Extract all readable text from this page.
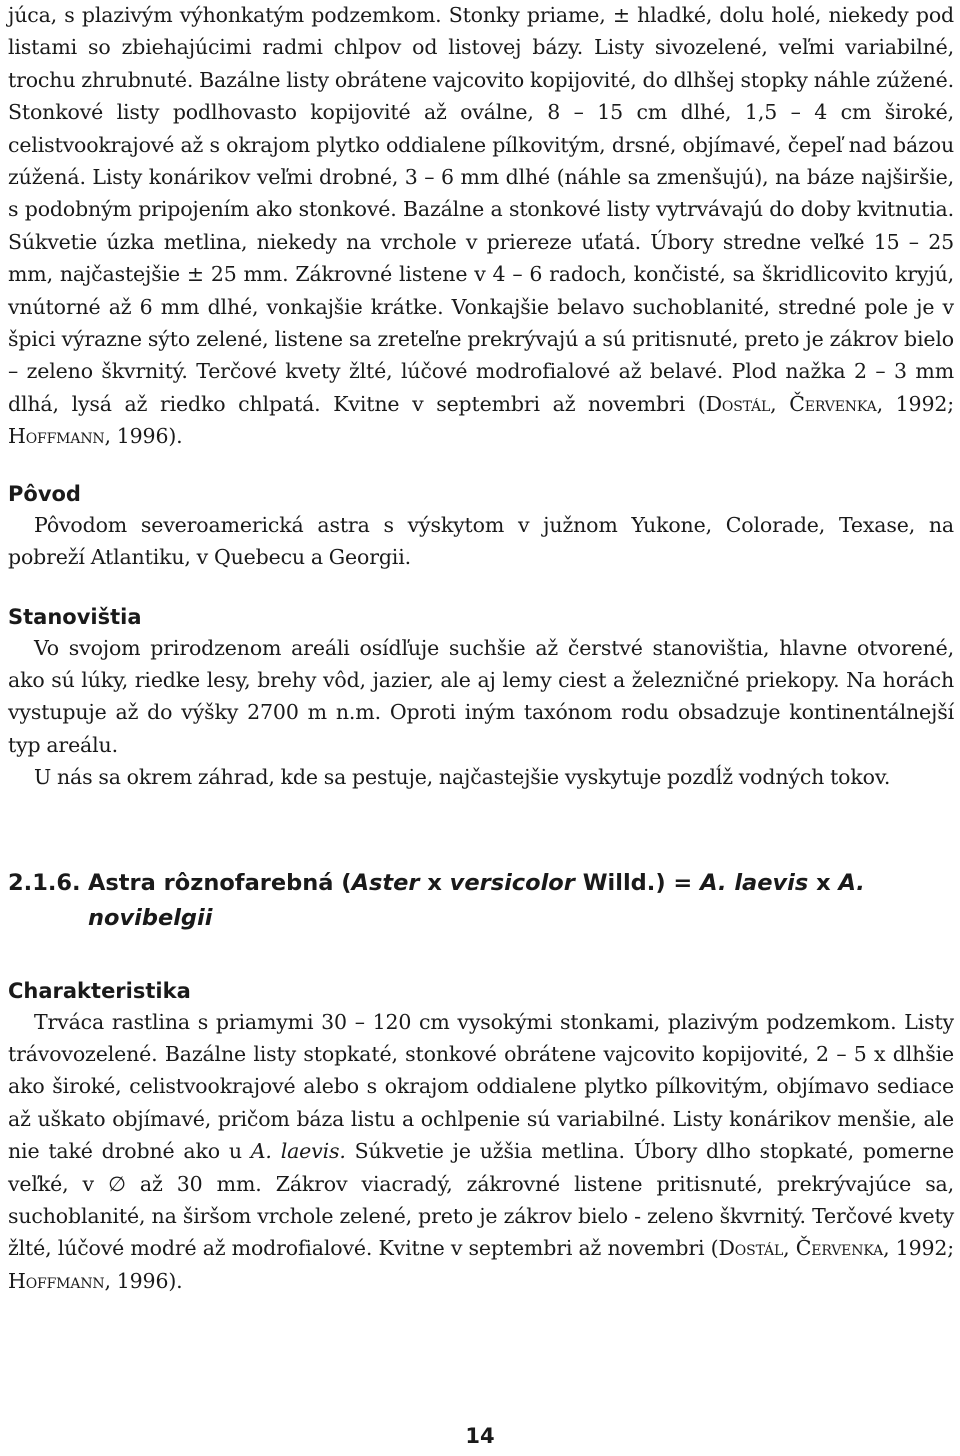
júca, s plazivým výhonkatým podzemkom. Stonky priame, ± hladké, dolu holé, niekedy pod listami so zbiehajúcimi radmi chlpov od listovej bázy. Listy sivozelené, veľmi variabilné, trochu zhrubnuté. Bazálne listy obrátene vajcovito kopijovité, do dlhšej stopky náhle zúžené. Stonkové listy podlhovasto kopijovité až oválne, 8 – 15 cm dlhé, 1,5 – 4 cm široké, celistvookrajové až s okrajom plytko oddialene pílkovitým, drsné, objímavé, čepeľ nad bázou zúžená. Listy konárikov veľmi drobné, 3 – 6 mm dlhé (náhle sa zmenšujú), na báze najširšie, s podobným pripojením ako stonkové. Bazálne a stonkové listy vytrvávajú do doby kvitnutia. Súkvetie úzka metlina, niekedy na vrchole v priereze uťatá. Úbory stredne veľké 15 – 25 mm, najčastejšie ± 25 mm. Zákrovné listene v 4 – 6 radoch, končisté, sa škridlicovito kryjú, vnútorné až 6 mm dlhé, vonkajšie krátke. Vonkajšie belavo suchoblanité, stredné pole je v špici výrazne sýto zelené, listene sa zreteľne prekrývajú a sú pritisnuté, preto je zákrov bielo – zeleno škvrnitý. Terčové kvety žlté, lúčové modrofialové až belavé. Plod nažka 2 – 3 mm dlhá, lysá až riedko chlpatá. Kvitne v septembri až novembri (Dostál, Červenka, 1992; Hoffmann, 1996).

Pôvod

Pôvodom severoamerická astra s výskytom v južnom Yukone, Colorade, Texase, na pobreží Atlantiku, v Quebecu a Georgii.

Stanovištia

Vo svojom prirodzenom areáli osídľuje suchšie až čerstvé stanovištia, hlavne otvorené, ako sú lúky, riedke lesy, brehy vôd, jazier, ale aj lemy ciest a železničné priekopy. Na horách vystupuje až do výšky 2700 m n.m. Oproti iným taxónom rodu obsadzuje kontinentálnejší typ areálu.

U nás sa okrem záhrad, kde sa pestuje, najčastejšie vyskytuje pozdĺž vodných tokov.

2.1.6. Astra rôznofarebná (Aster x versicolor Willd.) = A. laevis x A. novibelgii
Charakteristika

Trváca rastlina s priamymi 30 – 120 cm vysokými stonkami, plazivým podzemkom. Listy trávovozelené. Bazálne listy stopkaté, stonkové obrátene vajcovito kopijovité, 2 – 5 x dlhšie ako široké, celistvookrajové alebo s okrajom oddialene plytko pílkovitým, objímavo sediace až uškato objímavé, pričom báza listu a ochlpenie sú variabilné. Listy konárikov menšie, ale nie také drobné ako u A. laevis. Súkvetie je užšia metlina. Úbory dlho stopkaté, pomerne veľké, v ∅ až 30 mm. Zákrov viacradý, zákrovné listene pritisnuté, prekrývajúce sa, suchoblanité, na širšom vrchole zelené, preto je zákrov bielo - zeleno škvrnitý. Terčové kvety žlté, lúčové modré až modrofialové. Kvitne v septembri až novembri (Dostál, Červenka, 1992; Hoffmann, 1996).

14
